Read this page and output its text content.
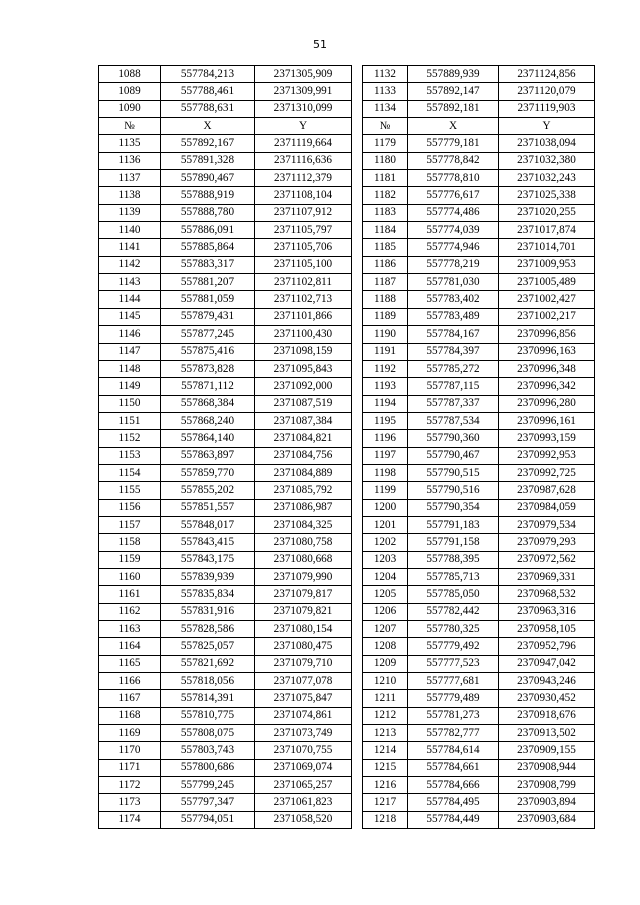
51
1088	557784,213	2371305,909
1089	557788,461	2371309,991
1090	557788,631	2371310,099
№	X	Y
1135	557892,167	2371119,664
1136	557891,328	2371116,636
1137	557890,467	2371112,379
1138	557888,919	2371108,104
1139	557888,780	2371107,912
1140	557886,091	2371105,797
1141	557885,864	2371105,706
1142	557883,317	2371105,100
1143	557881,207	2371102,811
1144	557881,059	2371102,713
1145	557879,431	2371101,866
1146	557877,245	2371100,430
1147	557875,416	2371098,159
1148	557873,828	2371095,843
1149	557871,112	2371092,000
1150	557868,384	2371087,519
1151	557868,240	2371087,384
1152	557864,140	2371084,821
1153	557863,897	2371084,756
1154	557859,770	2371084,889
1155	557855,202	2371085,792
1156	557851,557	2371086,987
1157	557848,017	2371084,325
1158	557843,415	2371080,758
1159	557843,175	2371080,668
1160	557839,939	2371079,990
1161	557835,834	2371079,817
1162	557831,916	2371079,821
1163	557828,586	2371080,154
1164	557825,057	2371080,475
1165	557821,692	2371079,710
1166	557818,056	2371077,078
1167	557814,391	2371075,847
1168	557810,775	2371074,861
1169	557808,075	2371073,749
1170	557803,743	2371070,755
1171	557800,686	2371069,074
1172	557799,245	2371065,257
1173	557797,347	2371061,823
1174	557794,051	2371058,520
1132	557889,939	2371124,856
1133	557892,147	2371120,079
1134	557892,181	2371119,903
№	X	Y
1179	557779,181	2371038,094
1180	557778,842	2371032,380
1181	557778,810	2371032,243
1182	557776,617	2371025,338
1183	557774,486	2371020,255
1184	557774,039	2371017,874
1185	557774,946	2371014,701
1186	557778,219	2371009,953
1187	557781,030	2371005,489
1188	557783,402	2371002,427
1189	557783,489	2371002,217
1190	557784,167	2370996,856
1191	557784,397	2370996,163
1192	557785,272	2370996,348
1193	557787,115	2370996,342
1194	557787,337	2370996,280
1195	557787,534	2370996,161
1196	557790,360	2370993,159
1197	557790,467	2370992,953
1198	557790,515	2370992,725
1199	557790,516	2370987,628
1200	557790,354	2370984,059
1201	557791,183	2370979,534
1202	557791,158	2370979,293
1203	557788,395	2370972,562
1204	557785,713	2370969,331
1205	557785,050	2370968,532
1206	557782,442	2370963,316
1207	557780,325	2370958,105
1208	557779,492	2370952,796
1209	557777,523	2370947,042
1210	557777,681	2370943,246
1211	557779,489	2370930,452
1212	557781,273	2370918,676
1213	557782,777	2370913,502
1214	557784,614	2370909,155
1215	557784,661	2370908,944
1216	557784,666	2370908,799
1217	557784,495	2370903,894
1218	557784,449	2370903,684
